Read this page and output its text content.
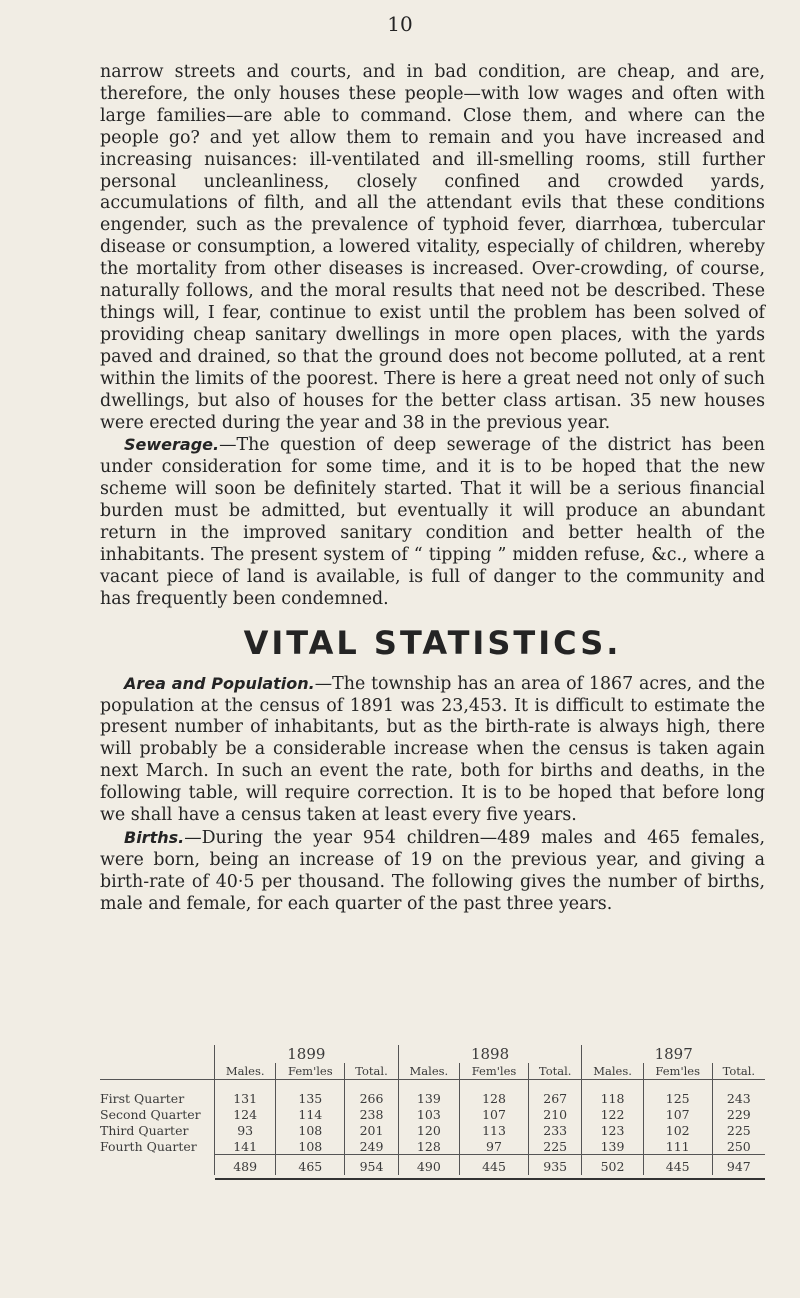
10

narrow streets and courts, and in bad condition, are cheap, and are, therefore, the only houses these people—with low wages and often with large families—are able to command. Close them, and where can the people go? and yet allow them to remain and you have increased and increasing nuisances: ill-ventilated and ill-smelling rooms, still further personal uncleanliness, closely confined and crowded yards, accumulations of filth, and all the attendant evils that these conditions engender, such as the prevalence of typhoid fever, diarrhœa, tubercular disease or consumption, a lowered vitality, especially of children, whereby the mortality from other diseases is increased. Over-crowding, of course, naturally follows, and the moral results that need not be described. These things will, I fear, continue to exist until the problem has been solved of providing cheap sanitary dwellings in more open places, with the yards paved and drained, so that the ground does not become polluted, at a rent within the limits of the poorest. There is here a great need not only of such dwellings, but also of houses for the better class artisan. 35 new houses were erected during the year and 38 in the previous year.

Sewerage.—The question of deep sewerage of the district has been under consideration for some time, and it is to be hoped that the new scheme will soon be definitely started. That it will be a serious financial burden must be admitted, but eventually it will produce an abundant return in the improved sanitary condition and better health of the inhabitants. The present system of “ tipping ” midden refuse, &c., where a vacant piece of land is available, is full of danger to the community and has frequently been condemned.

VITAL STATISTICS.

Area and Population.—The township has an area of 1867 acres, and the population at the census of 1891 was 23,453. It is difficult to estimate the present number of inhabitants, but as the birth-rate is always high, there will probably be a considerable increase when the census is taken again next March. In such an event the rate, both for births and deaths, in the following table, will require correction. It is to be hoped that before long we shall have a census taken at least every five years.

Births.—During the year 954 children—489 males and 465 females, were born, being an increase of 19 on the previous year, and giving a birth-rate of 40·5 per thousand. The following gives the number of births, male and female, for each quarter of the past three years.

	1899			1898			1897		
	Males.	Fem'les	Total.	Males.	Fem'les	Total.	Males.	Fem'les	Total.
First Quarter	131	135	266	139	128	267	118	125	243
Second Quarter	124	114	238	103	107	210	122	107	229
Third Quarter	93	108	201	120	113	233	123	102	225
Fourth Quarter	141	108	249	128	97	225	139	111	250
	489	465	954	490	445	935	502	445	947
